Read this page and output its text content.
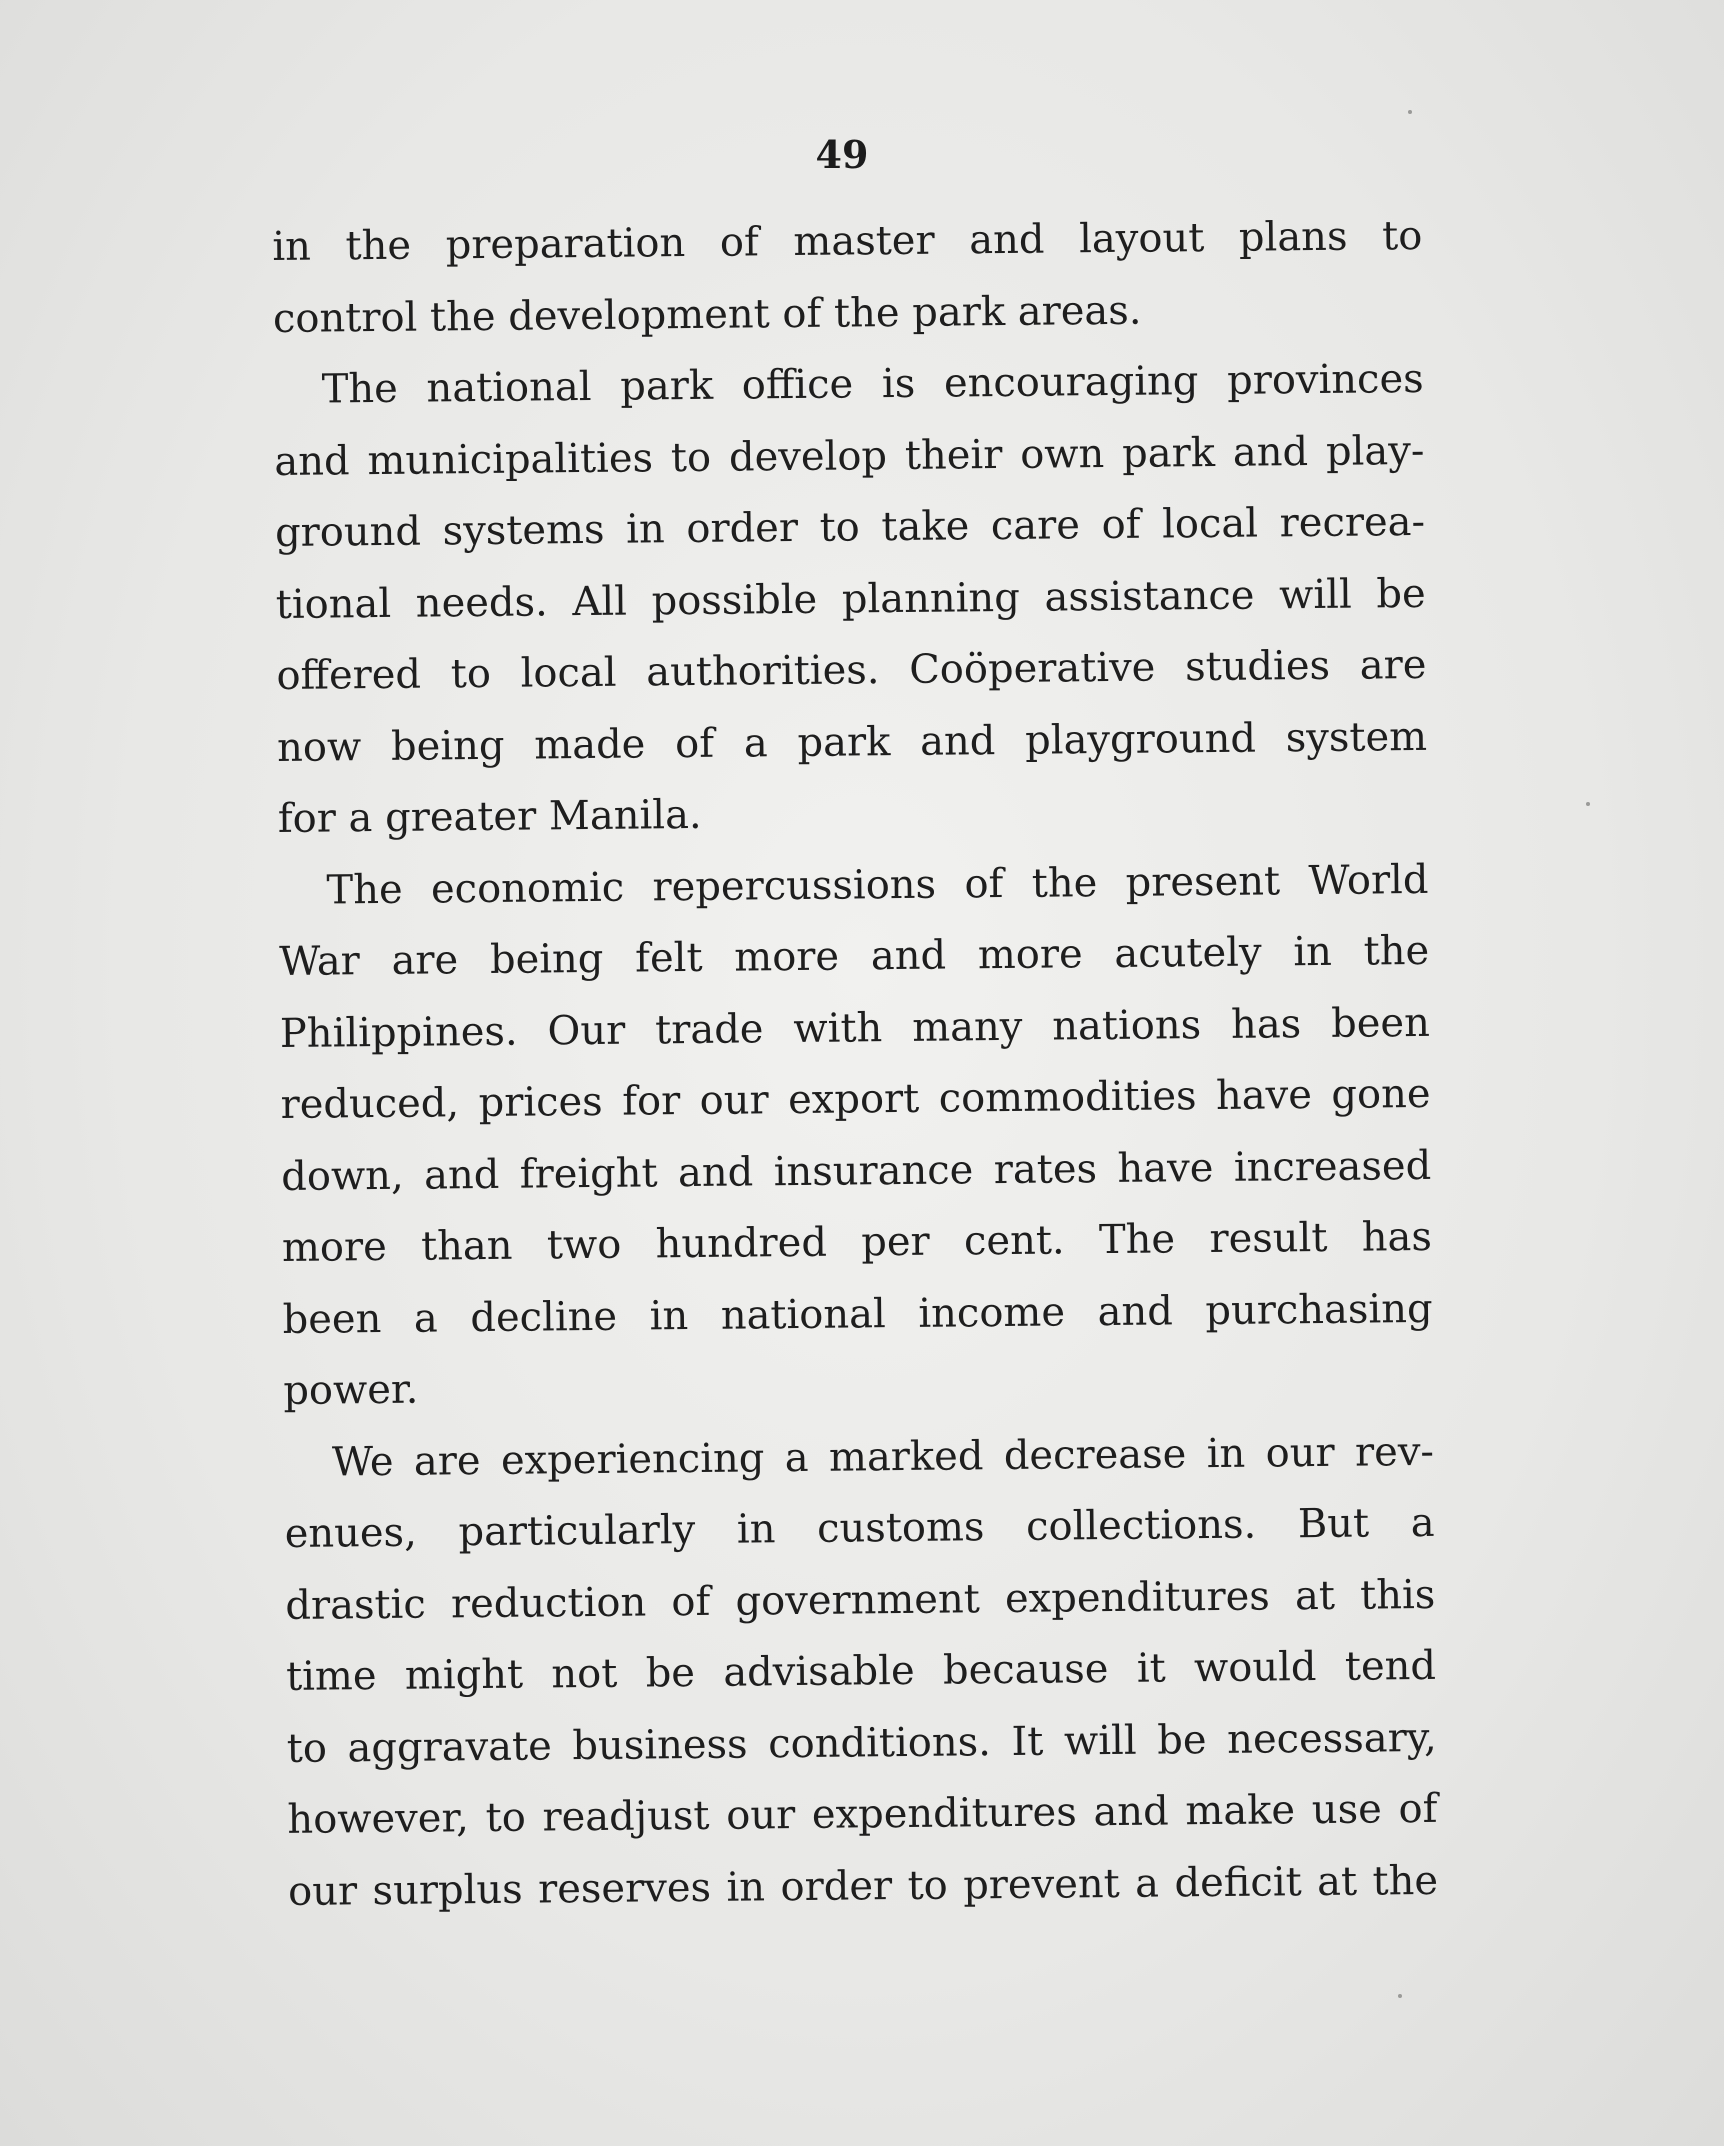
49
in the preparation of master and layout plans to
control the development of the park areas.
The national park office is encouraging provinces
and municipalities to develop their own park and play-
ground systems in order to take care of local recrea-
tional needs. All possible planning assistance will be
offered to local authorities. Coöperative studies are
now being made of a park and playground system
for a greater Manila.
The economic repercussions of the present World
War are being felt more and more acutely in the
Philippines. Our trade with many nations has been
reduced, prices for our export commodities have gone
down, and freight and insurance rates have increased
more than two hundred per cent. The result has
been a decline in national income and purchasing
power.
We are experiencing a marked decrease in our rev-
enues, particularly in customs collections. But a
drastic reduction of government expenditures at this
time might not be advisable because it would tend
to aggravate business conditions. It will be necessary,
however, to readjust our expenditures and make use of
our surplus reserves in order to prevent a deficit at the
